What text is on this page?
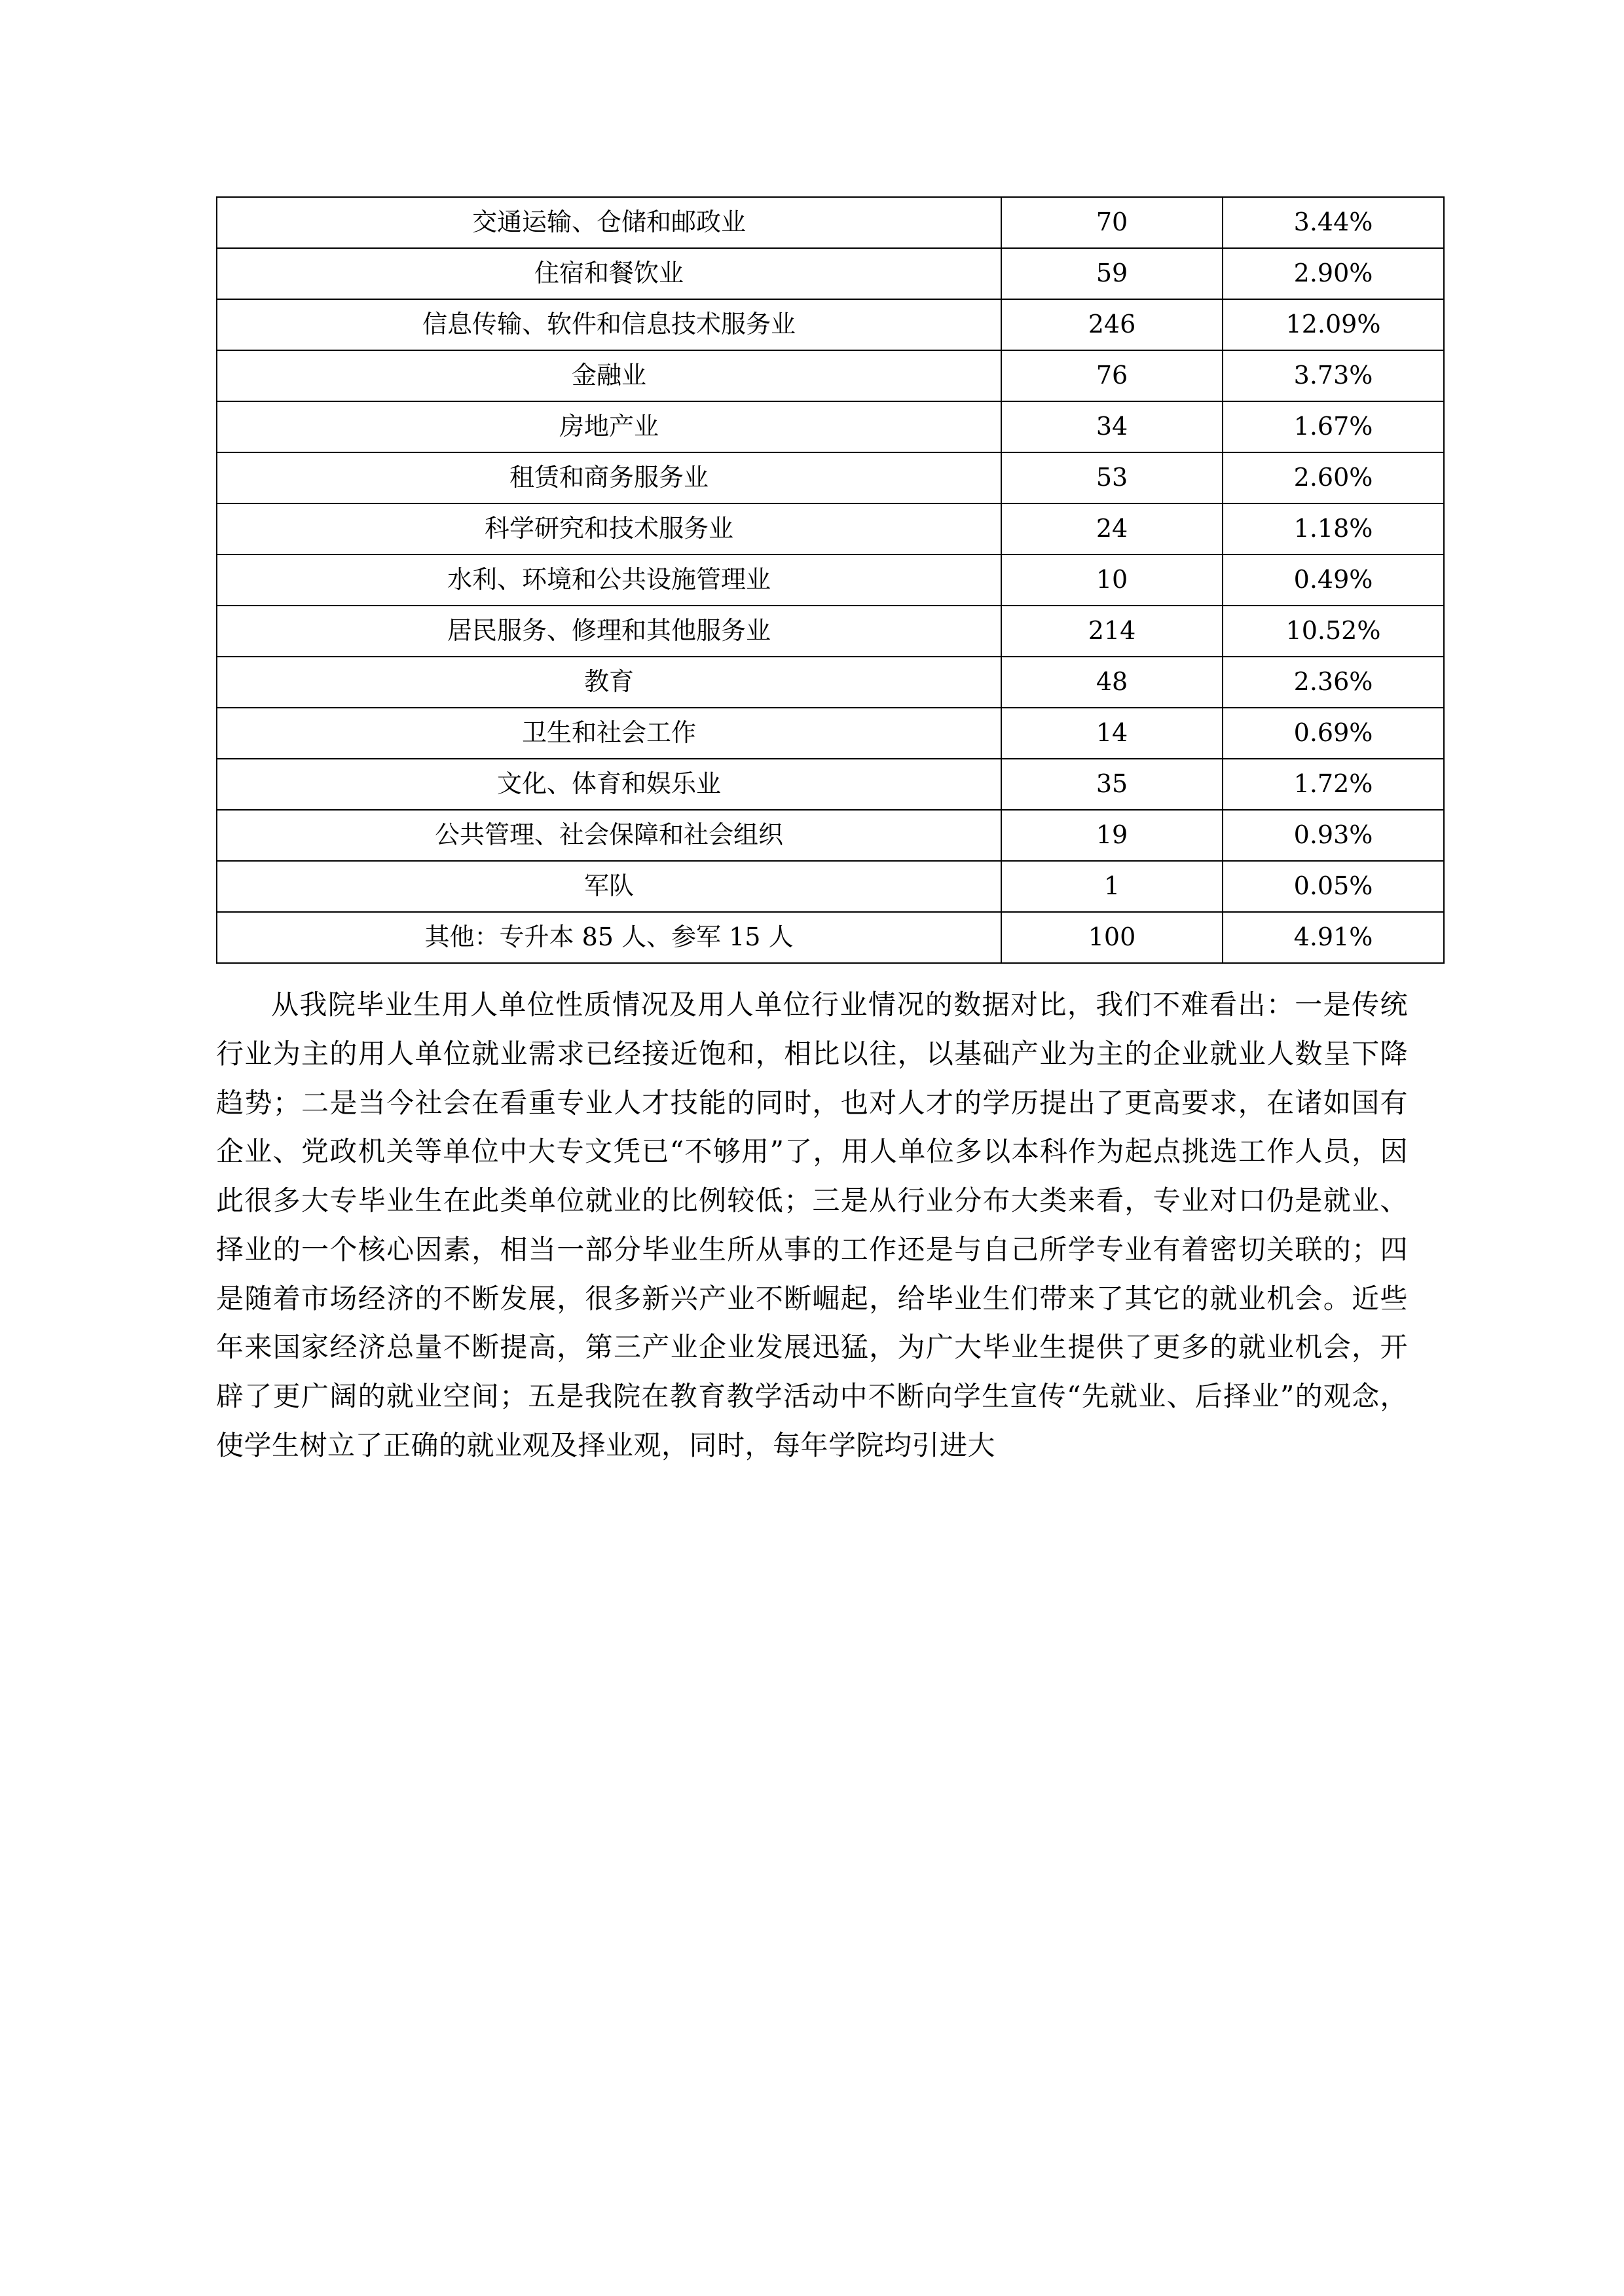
交通运输、仓储和邮政业	70	3.44%
住宿和餐饮业	59	2.90%
信息传输、软件和信息技术服务业	246	12.09%
金融业	76	3.73%
房地产业	34	1.67%
租赁和商务服务业	53	2.60%
科学研究和技术服务业	24	1.18%
水利、环境和公共设施管理业	10	0.49%
居民服务、修理和其他服务业	214	10.52%
教育	48	2.36%
卫生和社会工作	14	0.69%
文化、体育和娱乐业	35	1.72%
公共管理、社会保障和社会组织	19	0.93%
军队	1	0.05%
其他：专升本 85 人、参军 15 人	100	4.91%

从我院毕业生用人单位性质情况及用人单位行业情况的数据对比，我们不难看出：一是传统行业为主的用人单位就业需求已经接近饱和，相比以往，以基础产业为主的企业就业人数呈下降趋势；二是当今社会在看重专业人才技能的同时，也对人才的学历提出了更高要求，在诸如国有企业、党政机关等单位中大专文凭已“不够用”了，用人单位多以本科作为起点挑选工作人员，因此很多大专毕业生在此类单位就业的比例较低；三是从行业分布大类来看，专业对口仍是就业、择业的一个核心因素，相当一部分毕业生所从事的工作还是与自己所学专业有着密切关联的；四是随着市场经济的不断发展，很多新兴产业不断崛起，给毕业生们带来了其它的就业机会。近些年来国家经济总量不断提高，第三产业企业发展迅猛，为广大毕业生提供了更多的就业机会，开辟了更广阔的就业空间；五是我院在教育教学活动中不断向学生宣传“先就业、后择业”的观念，使学生树立了正确的就业观及择业观，同时，每年学院均引进大
